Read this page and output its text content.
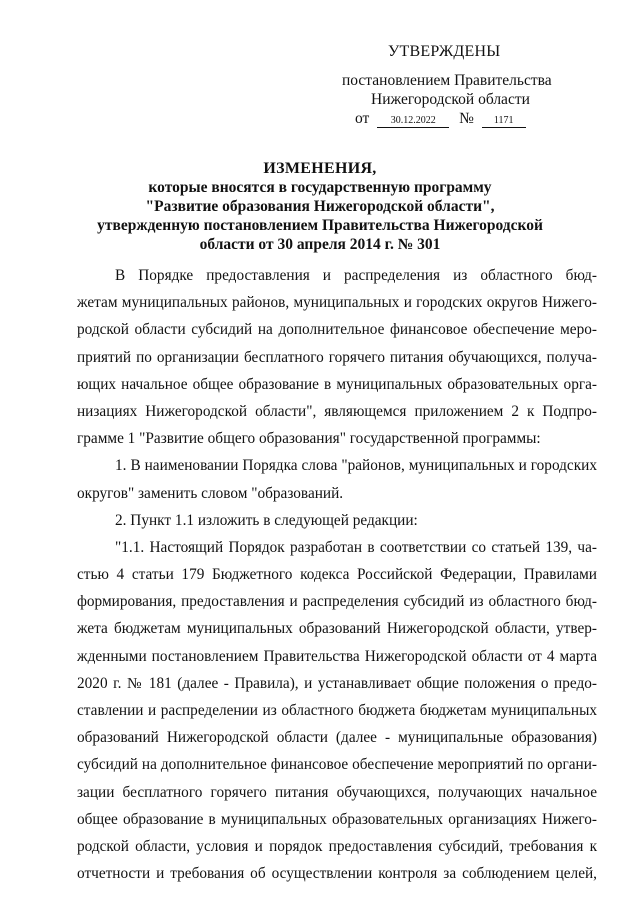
УТВЕРЖДЕНЫ
постановлением Правительства
Нижегородской области
от 30.12.2022 № 1171
ИЗМЕНЕНИЯ,
которые вносятся в государственную программу
"Развитие образования Нижегородской области",
утвержденную постановлением Правительства Нижегородской
области от 30 апреля 2014 г. № 301
В Порядке предоставления и распределения из областного бюд-
жетам муниципальных районов, муниципальных и городских округов Нижего-
родской области субсидий на дополнительное финансовое обеспечение меро-
приятий по организации бесплатного горячего питания обучающихся, получа-
ющих начальное общее образование в муниципальных образовательных орга-
низациях Нижегородской области", являющемся приложением 2 к Подпро-
грамме 1 "Развитие общего образования" государственной программы:
1. В наименовании Порядка слова "районов, муниципальных и городских
округов" заменить словом "образований.
2. Пункт 1.1 изложить в следующей редакции:
"1.1. Настоящий Порядок разработан в соответствии со статьей 139, ча-
стью 4 статьи 179 Бюджетного кодекса Российской Федерации, Правилами
формирования, предоставления и распределения субсидий из областного бюд-
жета бюджетам муниципальных образований Нижегородской области, утвер-
жденными постановлением Правительства Нижегородской области от 4 марта
2020 г. № 181 (далее - Правила), и устанавливает общие положения о предо-
ставлении и распределении из областного бюджета бюджетам муниципальных
образований Нижегородской области (далее - муниципальные образования)
субсидий на дополнительное финансовое обеспечение мероприятий по органи-
зации бесплатного горячего питания обучающихся, получающих начальное
общее образование в муниципальных образовательных организациях Нижего-
родской области, условия и порядок предоставления субсидий, требования к
отчетности и требования об осуществлении контроля за соблюдением целей,
